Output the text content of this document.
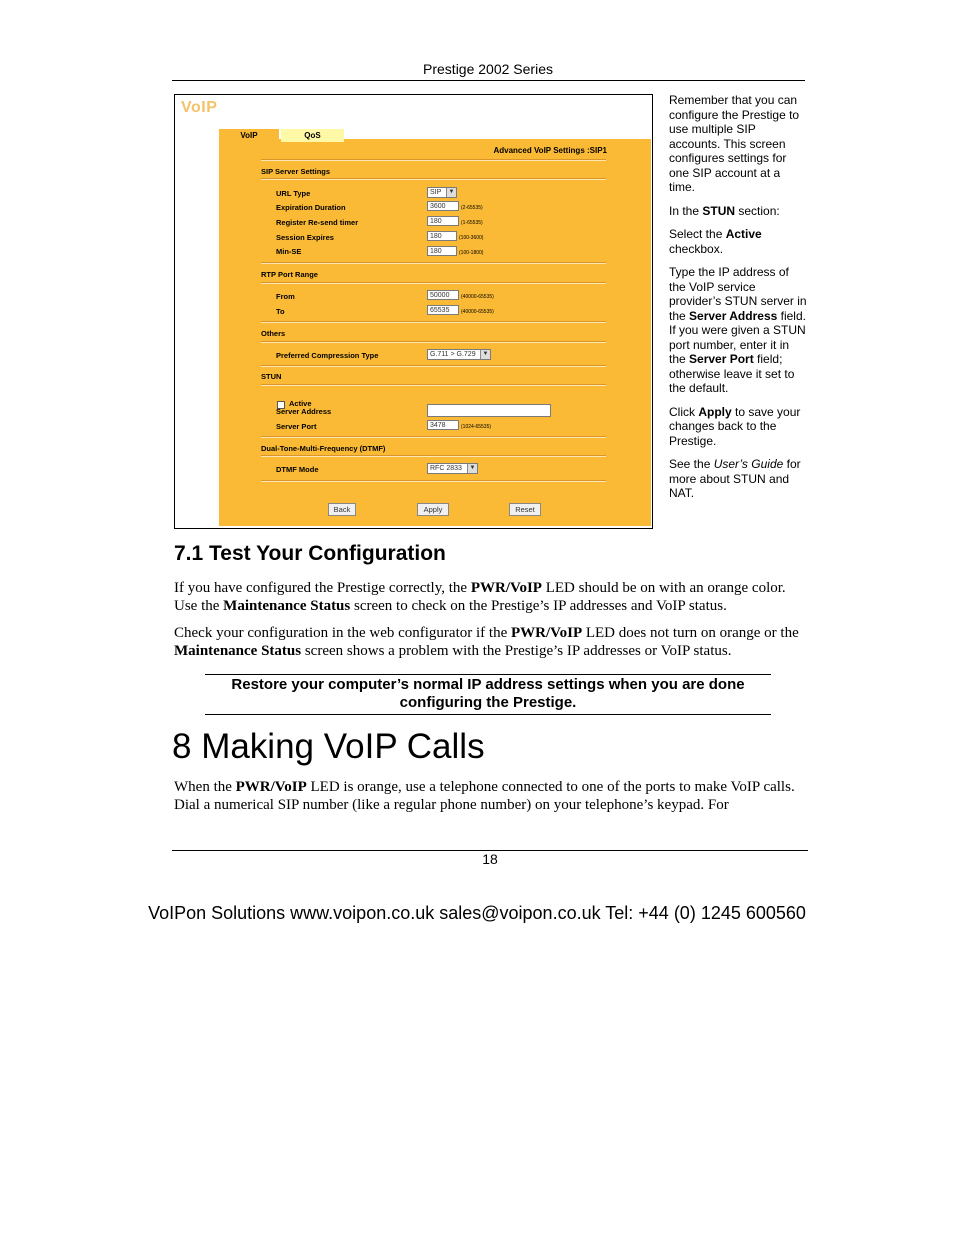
Prestige 2002 Series
VoIP
VoIP	QoS
Advanced VoIP Settings :SIP1
SIP Server Settings
URL Type	SIP	▼
Expiration Duration	3600	(2-65535)
Register Re-send timer	180	(1-65535)
Session Expires	180	(100-3600)
Min-SE	180	(100-1800)
RTP Port Range
From	50000	(40000-65535)
To	65535	(40000-65535)
Others
Preferred Compression Type	G.711 > G.729	▼
STUN
Active
Server Address
Server Port	3478	(1024-65535)
Dual-Tone-Multi-Frequency (DTMF)
DTMF Mode	RFC 2833	▼
Back	Apply	Reset

Remember that you can configure the Prestige to use multiple SIP accounts. This screen configures settings for one SIP account at a time.

In the STUN section:

Select the Active checkbox.

Type the IP address of the VoIP service provider’s STUN server in the Server Address field. If you were given a STUN port number, enter it in the Server Port field; otherwise leave it set to the default.

Click Apply to save your changes back to the Prestige.

See the User’s Guide for more about STUN and NAT.

7.1 Test Your Configuration
If you have configured the Prestige correctly, the PWR/VoIP LED should be on with an orange color. Use the Maintenance Status screen to check on the Prestige’s IP addresses and VoIP status.
Check your configuration in the web configurator if the PWR/VoIP LED does not turn on orange or the Maintenance Status screen shows a problem with the Prestige’s IP addresses or VoIP status.
Restore your computer’s normal IP address settings when you are done configuring the Prestige.
8 Making VoIP Calls
When the PWR/VoIP LED is orange, use a telephone connected to one of the ports to make VoIP calls. Dial a numerical SIP number (like a regular phone number) on your telephone’s keypad. For
18
VoIPon Solutions www.voipon.co.uk sales@voipon.co.uk Tel: +44 (0) 1245 600560
